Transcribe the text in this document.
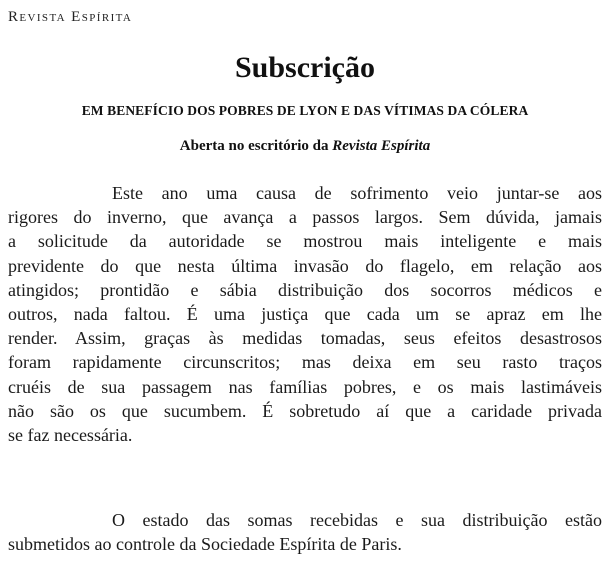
Revista Espírita
Subscrição
EM BENEFÍCIO DOS POBRES DE LYON E DAS VÍTIMAS DA CÓLERA
Aberta no escritório da Revista Espírita
Este ano uma causa de sofrimento veio juntar-se aos
rigores do inverno, que avança a passos largos. Sem dúvida, jamais
a solicitude da autoridade se mostrou mais inteligente e mais
previdente do que nesta última invasão do flagelo, em relação aos
atingidos; prontidão e sábia distribuição dos socorros médicos e
outros, nada faltou. É uma justiça que cada um se apraz em lhe
render. Assim, graças às medidas tomadas, seus efeitos desastrosos
foram rapidamente circunscritos; mas deixa em seu rasto traços
cruéis de sua passagem nas famílias pobres, e os mais lastimáveis
não são os que sucumbem. É sobretudo aí que a caridade privada
se faz necessária.
O estado das somas recebidas e sua distribuição estão
submetidos ao controle da Sociedade Espírita de Paris.
